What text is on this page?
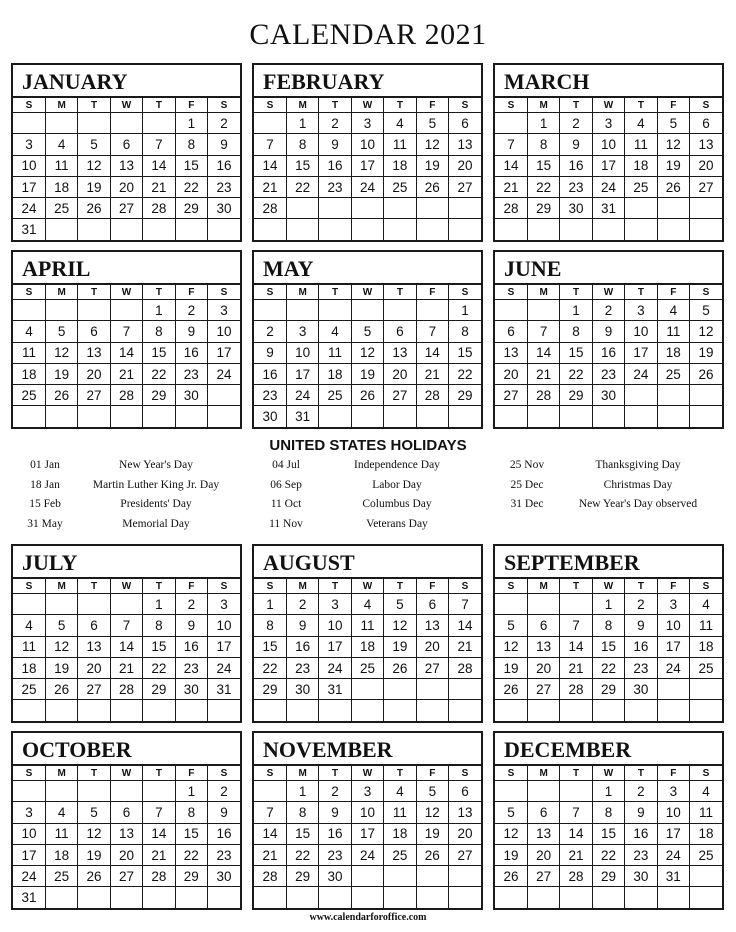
CALENDAR 2021
JANUARY
S	M	T	W	T	F	S
					1	2
3	4	5	6	7	8	9
10	11	12	13	14	15	16
17	18	19	20	21	22	23
24	25	26	27	28	29	30
31						
FEBRUARY
S	M	T	W	T	F	S
	1	2	3	4	5	6
7	8	9	10	11	12	13
14	15	16	17	18	19	20
21	22	23	24	25	26	27
28						

MARCH
S	M	T	W	T	F	S
	1	2	3	4	5	6
7	8	9	10	11	12	13
14	15	16	17	18	19	20
21	22	23	24	25	26	27
28	29	30	31			

APRIL
S	M	T	W	T	F	S
				1	2	3
4	5	6	7	8	9	10
11	12	13	14	15	16	17
18	19	20	21	22	23	24
25	26	27	28	29	30	

MAY
S	M	T	W	T	F	S
						1
2	3	4	5	6	7	8
9	10	11	12	13	14	15
16	17	18	19	20	21	22
23	24	25	26	27	28	29
30	31					
JUNE
S	M	T	W	T	F	S
		1	2	3	4	5
6	7	8	9	10	11	12
13	14	15	16	17	18	19
20	21	22	23	24	25	26
27	28	29	30			

JULY
S	M	T	W	T	F	S
				1	2	3
4	5	6	7	8	9	10
11	12	13	14	15	16	17
18	19	20	21	22	23	24
25	26	27	28	29	30	31

AUGUST
S	M	T	W	T	F	S
1	2	3	4	5	6	7
8	9	10	11	12	13	14
15	16	17	18	19	20	21
22	23	24	25	26	27	28
29	30	31				

SEPTEMBER
S	M	T	W	T	F	S
			1	2	3	4
5	6	7	8	9	10	11
12	13	14	15	16	17	18
19	20	21	22	23	24	25
26	27	28	29	30		

OCTOBER
S	M	T	W	T	F	S
					1	2
3	4	5	6	7	8	9
10	11	12	13	14	15	16
17	18	19	20	21	22	23
24	25	26	27	28	29	30
31						
NOVEMBER
S	M	T	W	T	F	S
	1	2	3	4	5	6
7	8	9	10	11	12	13
14	15	16	17	18	19	20
21	22	23	24	25	26	27
28	29	30				

DECEMBER
S	M	T	W	T	F	S
			1	2	3	4
5	6	7	8	9	10	11
12	13	14	15	16	17	18
19	20	21	22	23	24	25
26	27	28	29	30	31	

UNITED STATES HOLIDAYS
01 Jan	New Year's Day
18 Jan	Martin Luther King Jr. Day
15 Feb	Presidents' Day
31 May	Memorial Day
04 Jul	Independence Day
06 Sep	Labor Day
11 Oct	Columbus Day
11 Nov	Veterans Day
25 Nov	Thanksgiving Day
25 Dec	Christmas Day
31 Dec	New Year's Day observed
www.calendarforoffice.com
